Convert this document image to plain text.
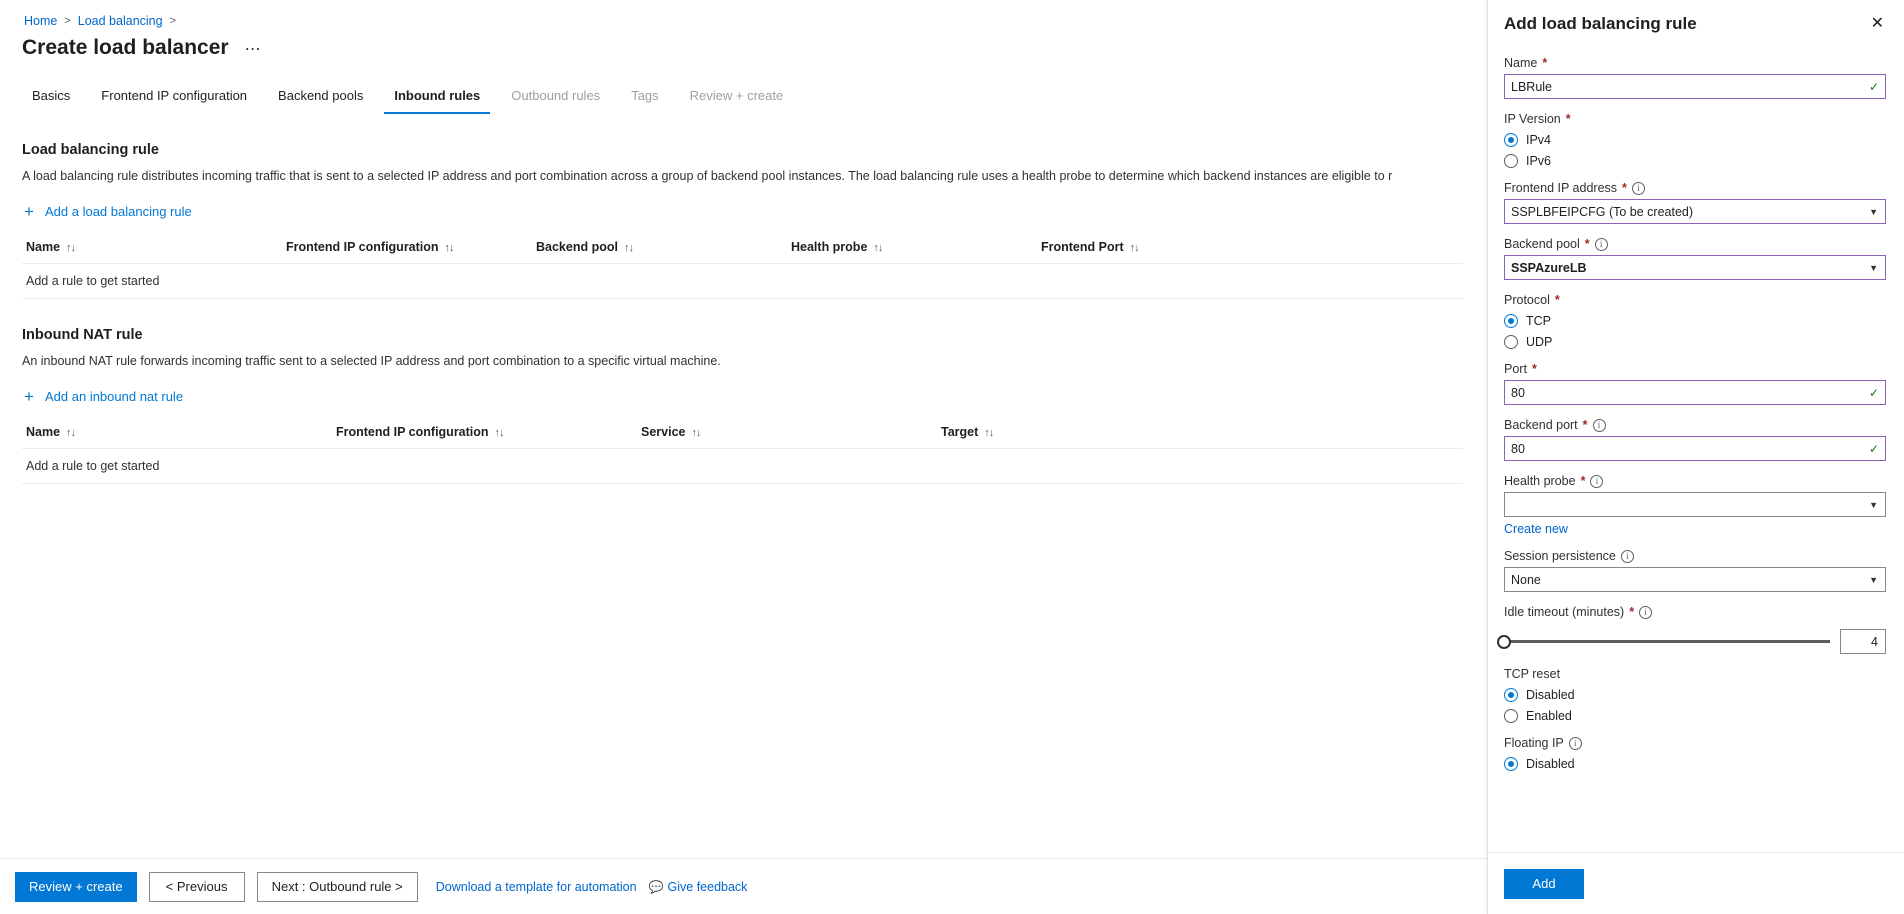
Home > Load balancing >
Create load balancer ⋯
Basics	Frontend IP configuration	Backend pools	Inbound rules	Outbound rules	Tags	Review + create
Load balancing rule
A load balancing rule distributes incoming traffic that is sent to a selected IP address and port combination across a group of backend pool instances. The load balancing rule uses a health probe to determine which backend instances are eligible to r
+ Add a load balancing rule
Name ↑↓	Frontend IP configuration ↑↓	Backend pool ↑↓	Health probe ↑↓	Frontend Port ↑↓
Add a rule to get started
Inbound NAT rule
An inbound NAT rule forwards incoming traffic sent to a selected IP address and port combination to a specific virtual machine.
+ Add an inbound nat rule
Name ↑↓	Frontend IP configuration ↑↓	Service ↑↓	Target ↑↓
Add a rule to get started
Review + create	< Previous	Next : Outbound rule >	Download a template for automation 💬 Give feedback
Add load balancing rule	✕
Name *
LBRule
✓
IP Version *
IPv4
IPv6
Frontend IP address *	i
SSPLBFEIPCFG (To be created)	▼
Backend pool *	i
SSPAzureLB	▼
Protocol *
TCP
UDP
Port *
80
✓
Backend port *	i
80
✓
Health probe *	i
▼
Create new
Session persistence	i
None	▼
Idle timeout (minutes) *	i
4
TCP reset
Disabled
Enabled
Floating IP	i
Disabled
Add
